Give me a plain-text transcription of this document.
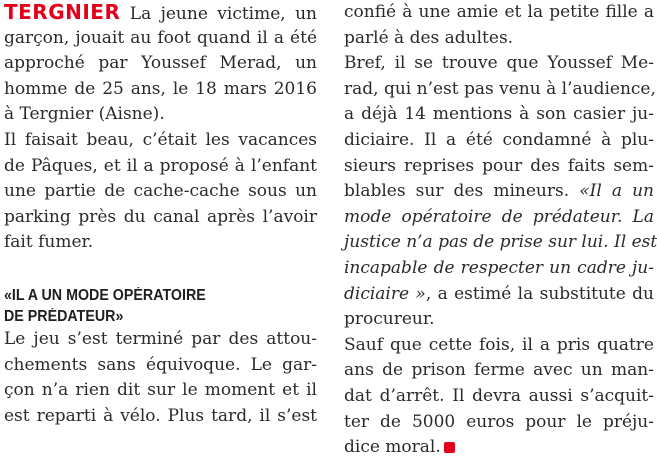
TERGNIER La jeune victime, un
garçon, jouait au foot quand il a été
approché par Youssef Merad, un
homme de 25 ans, le 18 mars 2016
à Tergnier (Aisne).
Il faisait beau, c’était les vacances
de Pâques, et il a proposé à l’enfant
une partie de cache-cache sous un
parking près du canal après l’avoir
fait fumer.
«IL A UN MODE OPÉRATOIRE
DE PRÉDATEUR»
Le jeu s’est terminé par des attou-
chements sans équivoque. Le gar-
çon n’a rien dit sur le moment et il
est reparti à vélo. Plus tard, il s’est
confié à une amie et la petite fille a
parlé à des adultes.
Bref, il se trouve que Youssef Me-
rad, qui n’est pas venu à l’audience,
a déjà 14 mentions à son casier ju-
diciaire. Il a été condamné à plu-
sieurs reprises pour des faits sem-
blables sur des mineurs. «Il a un
mode opératoire de prédateur. La
justice n’a pas de prise sur lui. Il est
incapable de respecter un cadre ju-
diciaire », a estimé la substitute du
procureur.
Sauf que cette fois, il a pris quatre
ans de prison ferme avec un man-
dat d’arrêt. Il devra aussi s’acquit-
ter de 5000 euros pour le préju-
dice moral.
